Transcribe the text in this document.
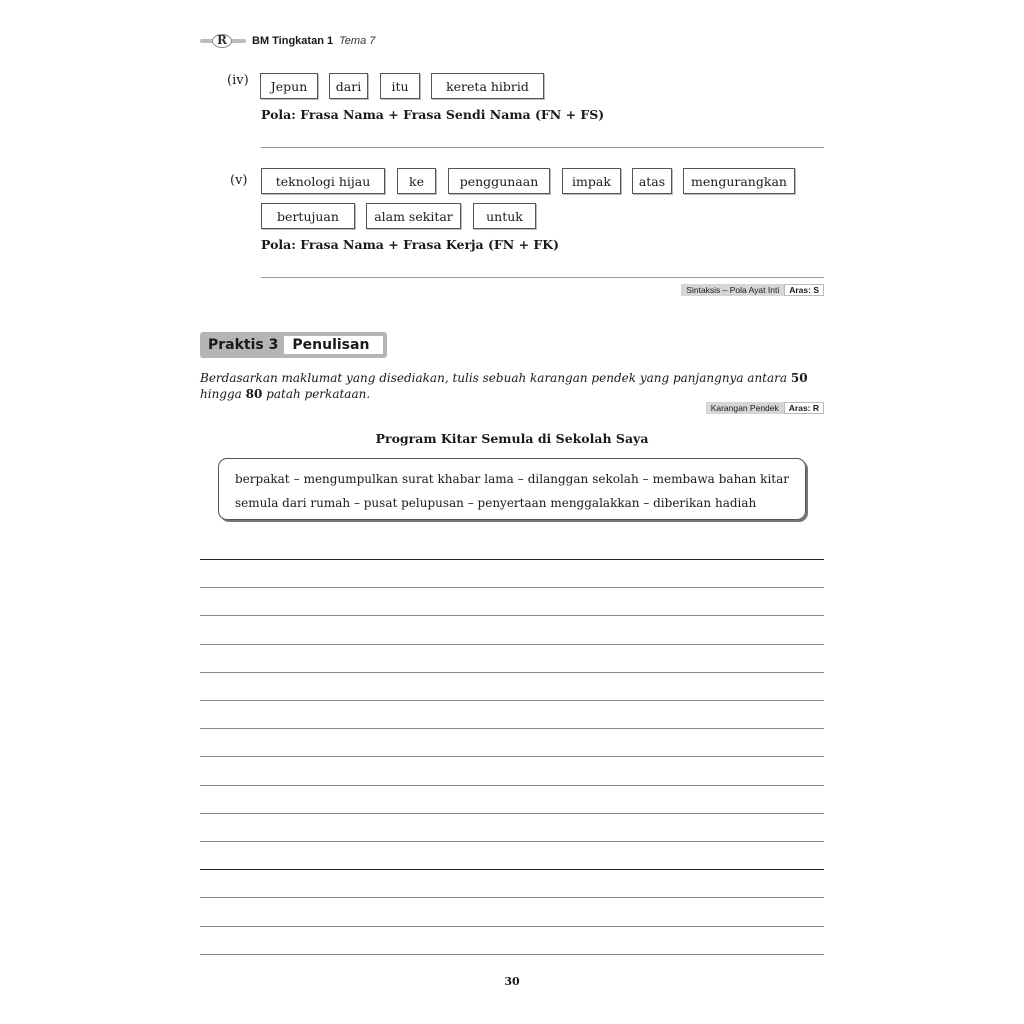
R BM Tingkatan 1 Tema 7
(iv)	Jepun	dari	itu	kereta hibrid
Pola: Frasa Nama + Frasa Sendi Nama (FN + FS)
(v)	teknologi hijau	ke	penggunaan	impak	atas	mengurangkan
bertujuan	alam sekitar	untuk
Pola: Frasa Nama + Frasa Kerja (FN + FK)
Sintaksis – Pola Ayat Inti	Aras: S
Praktis 3	Penulisan
Berdasarkan maklumat yang disediakan, tulis sebuah karangan pendek yang panjangnya antara 50 hingga 80 patah perkataan.
Karangan Pendek	Aras: R
Program Kitar Semula di Sekolah Saya
berpakat – mengumpulkan surat khabar lama – dilanggan sekolah – membawa bahan kitar semula dari rumah – pusat pelupusan – penyertaan menggalakkan – diberikan hadiah
30
